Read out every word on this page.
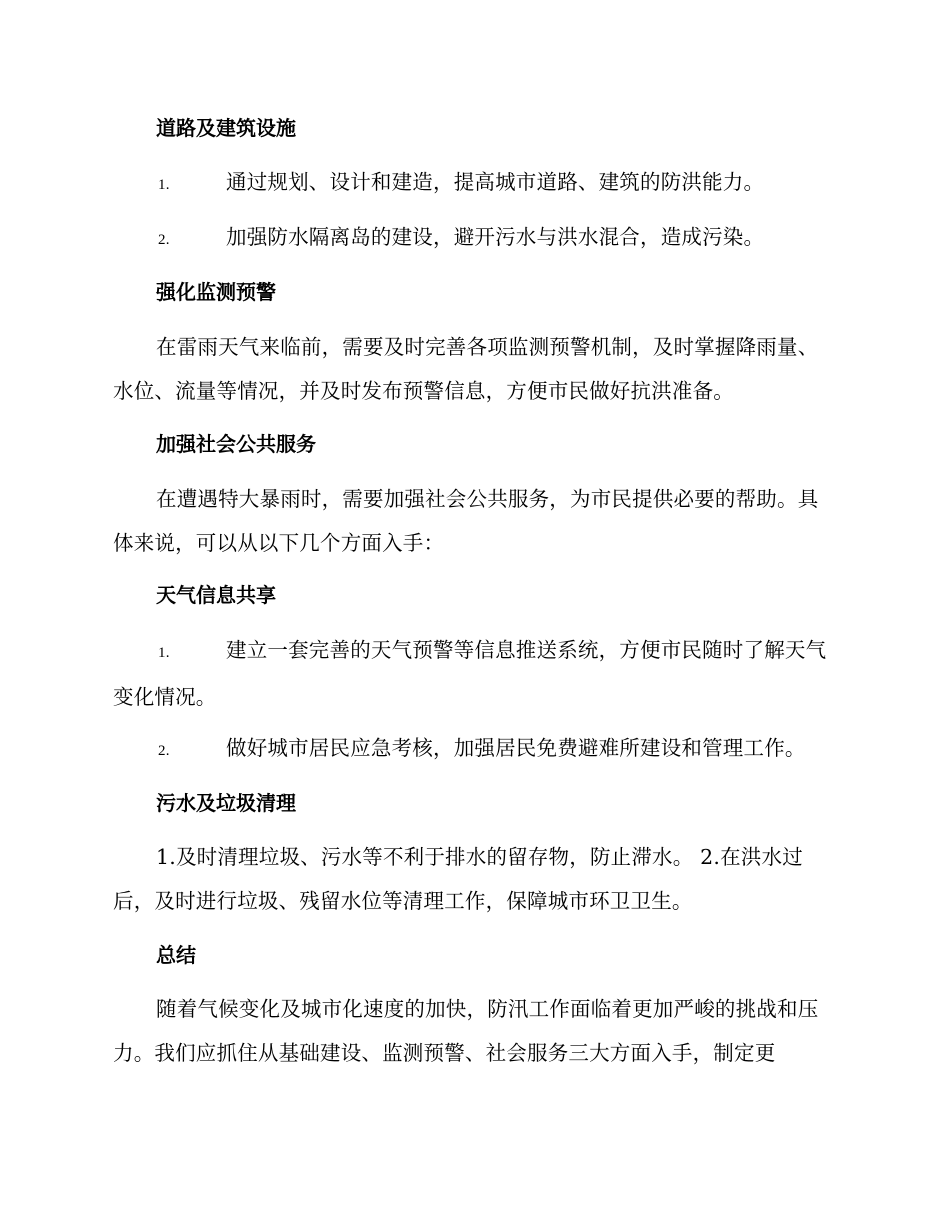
道路及建筑设施
1.	通过规划、设计和建造，提高城市道路、建筑的防洪能力。
2.	加强防水隔离岛的建设，避开污水与洪水混合，造成污染。
强化监测预警

在雷雨天气来临前，需要及时完善各项监测预警机制，及时掌握降雨量、水位、流量等情况，并及时发布预警信息，方便市民做好抗洪准备。

加强社会公共服务

在遭遇特大暴雨时，需要加强社会公共服务，为市民提供必要的帮助。具体来说，可以从以下几个方面入手：

天气信息共享
1.	建立一套完善的天气预警等信息推送系统，方便市民随时了解天气变化情况。
2.	做好城市居民应急考核，加强居民免费避难所建设和管理工作。
污水及垃圾清理

1.及时清理垃圾、污水等不利于排水的留存物，防止滞水。 2.在洪水过后，及时进行垃圾、残留水位等清理工作，保障城市环卫卫生。

总结

随着气候变化及城市化速度的加快，防汛工作面临着更加严峻的挑战和压力。我们应抓住从基础建设、监测预警、社会服务三大方面入手，制定更
